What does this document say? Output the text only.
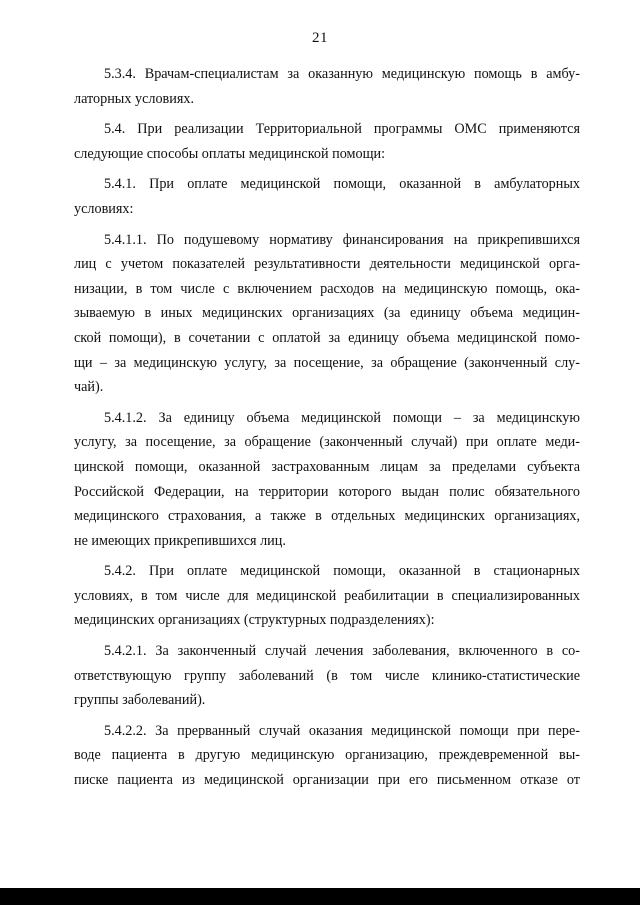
21

5.3.4. Врачам-специалистам за оказанную медицинскую помощь в амбу-
латорных условиях.

5.4. При реализации Территориальной программы ОМС применяются
следующие способы оплаты медицинской помощи:

5.4.1. При оплате медицинской помощи, оказанной в амбулаторных
условиях:

5.4.1.1. По подушевому нормативу финансирования на прикрепившихся
лиц с учетом показателей результативности деятельности медицинской орга-
низации, в том числе с включением расходов на медицинскую помощь, ока-
зываемую в иных медицинских организациях (за единицу объема медицин-
ской помощи), в сочетании с оплатой за единицу объема медицинской помо-
щи – за медицинскую услугу, за посещение, за обращение (законченный слу-
чай).

5.4.1.2. За единицу объема медицинской помощи – за медицинскую
услугу, за посещение, за обращение (законченный случай) при оплате меди-
цинской помощи, оказанной застрахованным лицам за пределами субъекта
Российской Федерации, на территории которого выдан полис обязательного
медицинского страхования, а также в отдельных медицинских организациях,
не имеющих прикрепившихся лиц.

5.4.2. При оплате медицинской помощи, оказанной в стационарных
условиях, в том числе для медицинской реабилитации в специализированных
медицинских организациях (структурных подразделениях):

5.4.2.1. За законченный случай лечения заболевания, включенного в со-
ответствующую группу заболеваний (в том числе клинико-статистические
группы заболеваний).

5.4.2.2. За прерванный случай оказания медицинской помощи при пере-
воде пациента в другую медицинскую организацию, преждевременной вы-
писке пациента из медицинской организации при его письменном отказе от
